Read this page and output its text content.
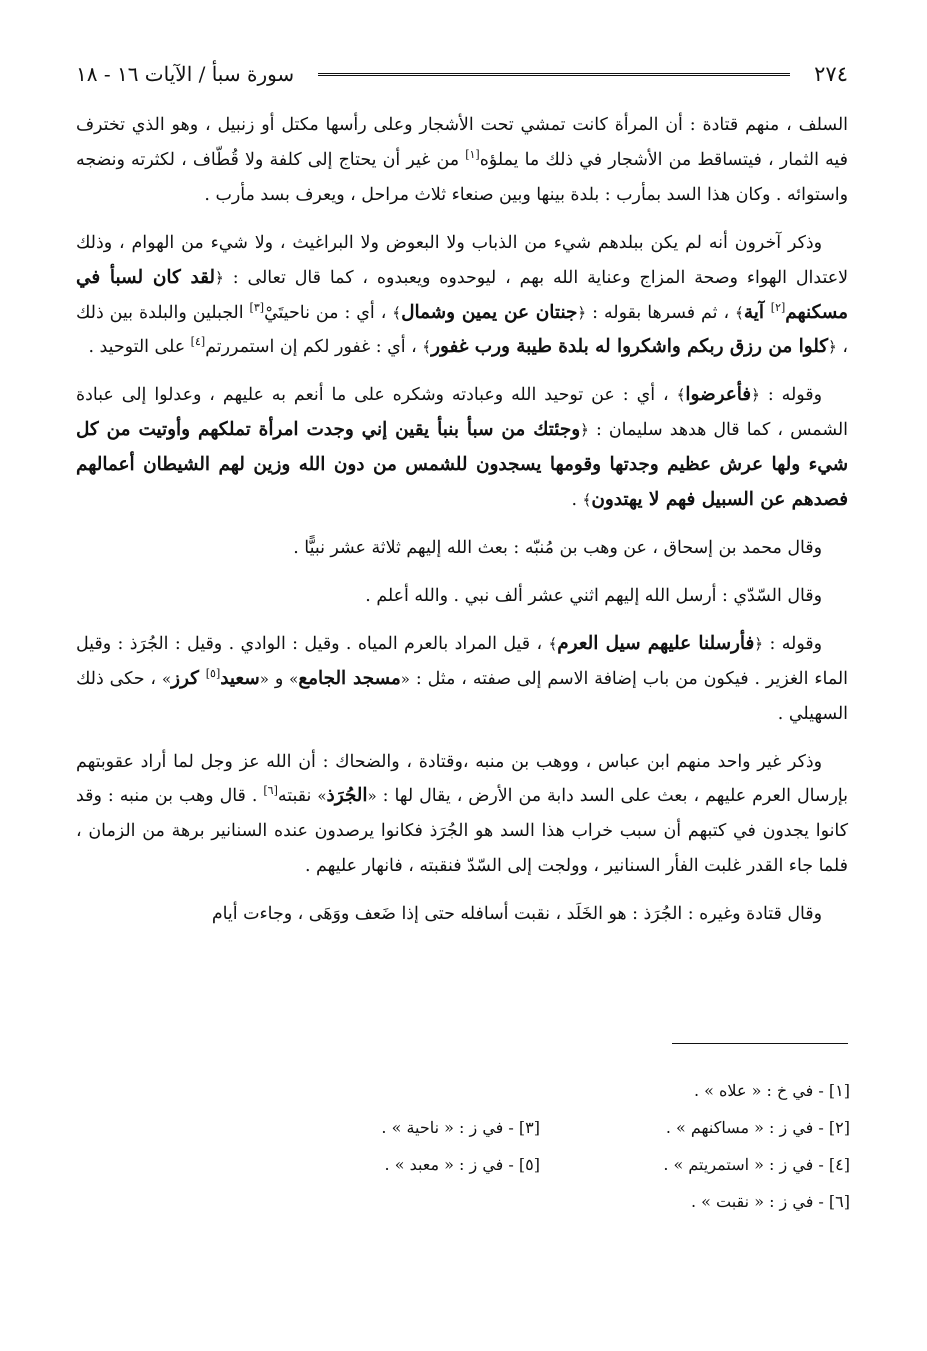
٢٧٤
سورة سبأ / الآيات ١٦ - ١٨

السلف ، منهم قتادة : أن المرأة كانت تمشي تحت الأشجار وعلى رأسها مكتل أو زنبيل ، وهو الذي تخترف فيه الثمار ، فيتساقط من الأشجار في ذلك ما يملؤه[١] من غير أن يحتاج إلى كلفة ولا قُطّاف ، لكثرته ونضجه واستوائه . وكان هذا السد بمأرب : بلدة بينها وبين صنعاء ثلاث مراحل ، ويعرف بسد مأرب .

وذكر آخرون أنه لم يكن ببلدهم شيء من الذباب ولا البعوض ولا البراغيث ، ولا شيء من الهوام ، وذلك لاعتدال الهواء وصحة المزاج وعناية الله بهم ، ليوحدوه ويعبدوه ، كما قال تعالى : ﴿لقد كان لسبأ في مسكنهم[٢] آية﴾ ، ثم فسرها بقوله : ﴿جنتان عن يمين وشمال﴾ ، أي : من ناحيتَيْ[٣] الجبلين والبلدة بين ذلك ، ﴿كلوا من رزق ربكم واشكروا له بلدة طيبة ورب غفور﴾ ، أي : غفور لكم إن استمررتم[٤] على التوحيد .

وقوله : ﴿فأعرضوا﴾ ، أي : عن توحيد الله وعبادته وشكره على ما أنعم به عليهم ، وعدلوا إلى عبادة الشمس ، كما قال هدهد سليمان : ﴿وجئتك من سبأ بنبأ يقين إني وجدت امرأة تملكهم وأوتيت من كل شيء ولها عرش عظيم وجدتها وقومها يسجدون للشمس من دون الله وزين لهم الشيطان أعمالهم فصدهم عن السبيل فهم لا يهتدون﴾ .

وقال محمد بن إسحاق ، عن وهب بن مُنبّه : بعث الله إليهم ثلاثة عشر نبيًّا .

وقال السّدّي : أرسل الله إليهم اثني عشر ألف نبي . والله أعلم .

وقوله : ﴿فأرسلنا عليهم سيل العرم﴾ ، قيل المراد بالعرم المياه . وقيل : الوادي . وقيل : الجُرَذ : وقيل الماء الغزير . فيكون من باب إضافة الاسم إلى صفته ، مثل : «مسجد الجامع» و «سعيد[٥] كرز» ، حكى ذلك السهيلي .

وذكر غير واحد منهم ابن عباس ، ووهب بن منبه ،وقتادة ، والضحاك : أن الله عز وجل لما أراد عقوبتهم بإرسال العرم عليهم ، بعث على السد دابة من الأرض ، يقال لها : «الجُرَذ» نقبته[٦] . قال وهب بن منبه : وقد كانوا يجدون في كتبهم أن سبب خراب هذا السد هو الجُرَذ فكانوا يرصدون عنده السنانير برهة من الزمان ، فلما جاء القدر غلبت الفأر السنانير ، وولجت إلى السّدّ فنقبته ، فانهار عليهم .

وقال قتادة وغيره : الجُرَذ : هو الخَلَد ، نقبت أسافله حتى إذا ضَعف ووَهَى ، وجاءت أيام

[١] - في خ : « علاه » .
[٢] - في ز : « مساكنهم » .
[٣] - في ز : « ناحية » .
[٤] - في ز : « استمريتم » .
[٥] - في ز : « معبد » .
[٦] - في ز : « نقبت » .
